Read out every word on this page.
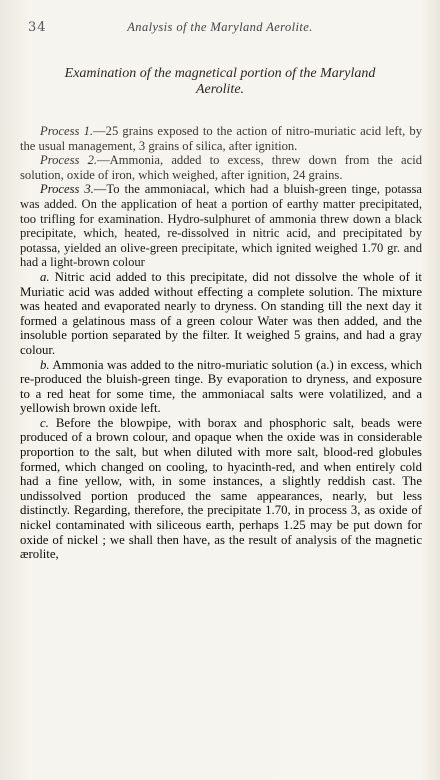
34	Analysis of the Maryland Aerolite.
Examination of the magnetical portion of the Maryland
Aerolite.

Process 1.—25 grains exposed to the action of nitro-muriatic acid left, by the usual management, 3 grains of silica, after ignition.

Process 2.—Ammonia, added to excess, threw down from the acid solution, oxide of iron, which weighed, after ignition, 24 grains.

Process 3.—To the ammoniacal, which had a bluish-green tinge, potassa was added. On the application of heat a portion of earthy matter precipitated, too trifling for examination. Hydro-sulphuret of ammonia threw down a black precipitate, which, heated, re-dissolved in nitric acid, and precipitated by potassa, yielded an olive-green precipitate, which ignited weighed 1.70 gr. and had a light-brown colour

a. Nitric acid added to this precipitate, did not dissolve the whole of it Muriatic acid was added without effecting a complete solution. The mixture was heated and evaporated nearly to dryness. On standing till the next day it formed a gelatinous mass of a green colour Water was then added, and the insoluble portion separated by the filter. It weighed 5 grains, and had a gray colour.

b. Ammonia was added to the nitro-muriatic solution (a.) in excess, which re-produced the bluish-green tinge. By evaporation to dryness, and exposure to a red heat for some time, the ammoniacal salts were volatilized, and a yellowish brown oxide left.

c. Before the blowpipe, with borax and phosphoric salt, beads were produced of a brown colour, and opaque when the oxide was in considerable proportion to the salt, but when diluted with more salt, blood-red globules formed, which changed on cooling, to hyacinth-red, and when entirely cold had a fine yellow, with, in some instances, a slightly reddish cast. The undissolved portion produced the same appearances, nearly, but less distinctly. Regarding, therefore, the precipitate 1.70, in process 3, as oxide of nickel contaminated with siliceous earth, perhaps 1.25 may be put down for oxide of nickel ; we shall then have, as the result of analysis of the magnetic ærolite,
